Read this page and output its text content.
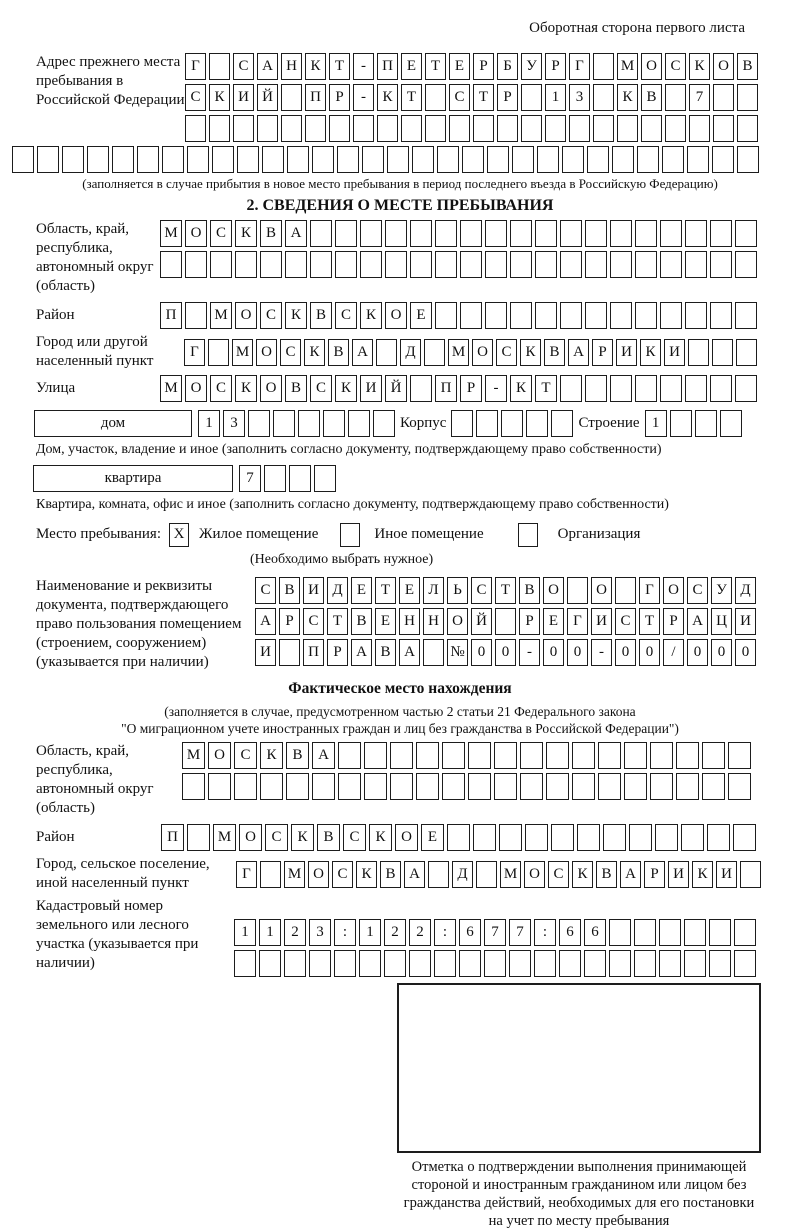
Оборотная сторона первого листа
Адрес прежнего места пребывания в Российской Федерации
Г	С А Н К Т	-	П Е Т Е	Р	Б У Р	Г	М О С К О В
С К И Й	П Р	-	К Т	С Т	Р	1	3	К В	7
(заполняется в случае прибытия в новое место пребывания в период последнего въезда в Российскую Федерацию)
2. СВЕДЕНИЯ О МЕСТЕ ПРЕБЫВАНИЯ
Область, край, республика, автономный округ (область)
М О С К В А
Район	П	М О С К В С К О Е
Город или другой населенный пункт
Г	М О С К В А	Д	М О С К В А Р И К И
Улица	М О С К О В С К И Й	П	Р	-	К	Т
дом	1	3	Корпус	Строение 1
Дом, участок, владение и иное (заполнить согласно документу, подтверждающему право собственности)
квартира	7
Квартира, комната, офис и иное (заполнить согласно документу, подтверждающему право собственности)
Место пребывания: X Жилое помещение	Иное помещение	Организация
(Необходимо выбрать нужное)
Наименование и реквизиты документа, подтверждающего право пользования помещением (строением, сооружением) (указывается при наличии)
С В И Д Е Т Е Л Ь С Т В О	О	Г О С У Д
А Р С Т В Е Н Н О Й	Р	Е	Г И С Т	Р А Ц И
И	П Р А В А	№ 0	0	-	0	0	-	0	0	/	0	0	0
Фактическое место нахождения
(заполняется в случае, предусмотренном частью 2 статьи 21 Федерального закона
"О миграционном учете иностранных граждан и лиц без гражданства в Российской Федерации")
Область, край, республика, автономный округ (область)
М О	С	К	В	А
Район	П	М О	С	К	В	С	К	О	Е
Город, сельское поселение, иной населенный пункт
Г	М О С К В А	Д	М О С К В А Р И К И
Кадастровый номер земельного или лесного участка (указывается при наличии)
1	1	2	3	:	1	2	2	:	6	7	7	:	6	6
Отметка о подтверждении выполнения принимающей стороной и иностранным гражданином или лицом без гражданства действий, необходимых для его постановки на учет по месту пребывания
